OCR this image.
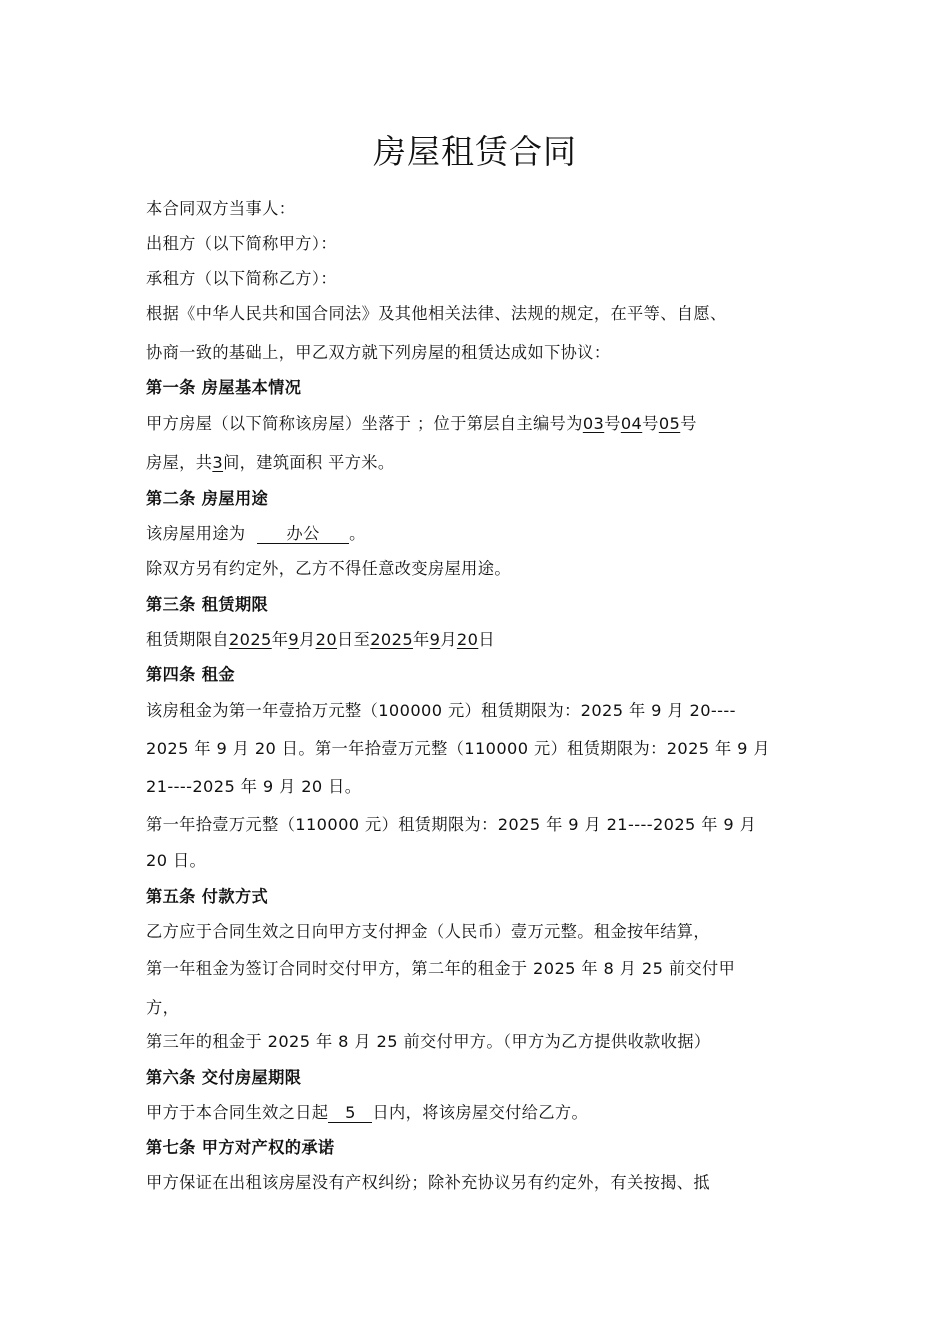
房屋租赁合同
本合同双方当事人：
出租方（以下简称甲方）：
承租方（以下简称乙方）：
根据《中华人民共和国合同法》及其他相关法律、法规的规定，在平等、自愿、
协商一致的基础上，甲乙双方就下列房屋的租赁达成如下协议：
第一条 房屋基本情况
甲方房屋（以下简称该房屋）坐落于 ；位于第层自主编号为03号04号05号
房屋，共3间，建筑面积 平方米。
第二条 房屋用途
该房屋用途为	办公 。
除双方另有约定外，乙方不得任意改变房屋用途。
第三条 租赁期限
租赁期限自2025年9月20日至2025年9月20日
第四条 租金
该房租金为第一年壹拾万元整（100000 元）租赁期限为：2025 年 9 月 20----
2025 年 9 月 20 日。第一年拾壹万元整（110000 元）租赁期限为：2025 年 9 月
21----2025 年 9 月 20 日。
第一年拾壹万元整（110000 元）租赁期限为：2025 年 9 月 21----2025 年 9 月
20 日。
第五条 付款方式
乙方应于合同生效之日向甲方支付押金（人民币）壹万元整。租金按年结算，
第一年租金为签订合同时交付甲方，第二年的租金于 2025 年 8 月 25 前交付甲
方，
第三年的租金于 2025 年 8 月 25 前交付甲方。（甲方为乙方提供收款收据）
第六条 交付房屋期限
甲方于本合同生效之日起 5 日内，将该房屋交付给乙方。
第七条 甲方对产权的承诺
甲方保证在出租该房屋没有产权纠纷；除补充协议另有约定外，有关按揭、抵
